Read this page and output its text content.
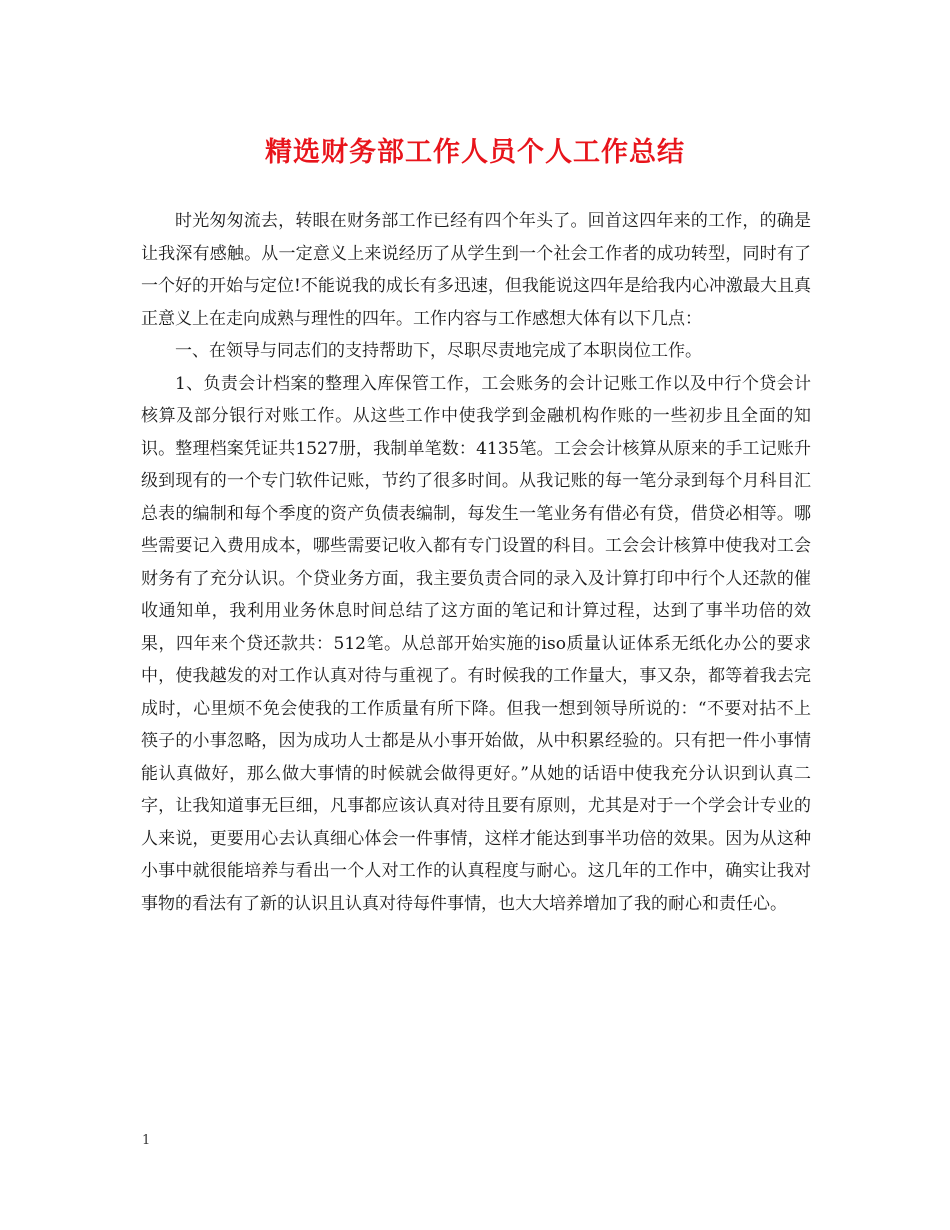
精选财务部工作人员个人工作总结

时光匆匆流去，转眼在财务部工作已经有四个年头了。回首这四年来的工作，的确是让我深有感触。从一定意义上来说经历了从学生到一个社会工作者的成功转型，同时有了一个好的开始与定位!不能说我的成长有多迅速，但我能说这四年是给我内心冲激最大且真正意义上在走向成熟与理性的四年。工作内容与工作感想大体有以下几点：

一、在领导与同志们的支持帮助下，尽职尽责地完成了本职岗位工作。

1、负责会计档案的整理入库保管工作，工会账务的会计记账工作以及中行个贷会计核算及部分银行对账工作。从这些工作中使我学到金融机构作账的一些初步且全面的知识。整理档案凭证共1527册，我制单笔数：4135笔。工会会计核算从原来的手工记账升级到现有的一个专门软件记账，节约了很多时间。从我记账的每一笔分录到每个月科目汇总表的编制和每个季度的资产负债表编制，每发生一笔业务有借必有贷，借贷必相等。哪些需要记入费用成本，哪些需要记收入都有专门设置的科目。工会会计核算中使我对工会财务有了充分认识。个贷业务方面，我主要负责合同的录入及计算打印中行个人还款的催收通知单，我利用业务休息时间总结了这方面的笔记和计算过程，达到了事半功倍的效果，四年来个贷还款共：512笔。从总部开始实施的iso质量认证体系无纸化办公的要求中，使我越发的对工作认真对待与重视了。有时候我的工作量大，事又杂，都等着我去完成时，心里烦不免会使我的工作质量有所下降。但我一想到领导所说的：“不要对拈不上筷子的小事忽略，因为成功人士都是从小事开始做，从中积累经验的。只有把一件小事情能认真做好，那么做大事情的时候就会做得更好。”从她的话语中使我充分认识到认真二字，让我知道事无巨细，凡事都应该认真对待且要有原则，尤其是对于一个学会计专业的人来说，更要用心去认真细心体会一件事情，这样才能达到事半功倍的效果。因为从这种小事中就很能培养与看出一个人对工作的认真程度与耐心。这几年的工作中，确实让我对事物的看法有了新的认识且认真对待每件事情，也大大培养增加了我的耐心和责任心。

1
